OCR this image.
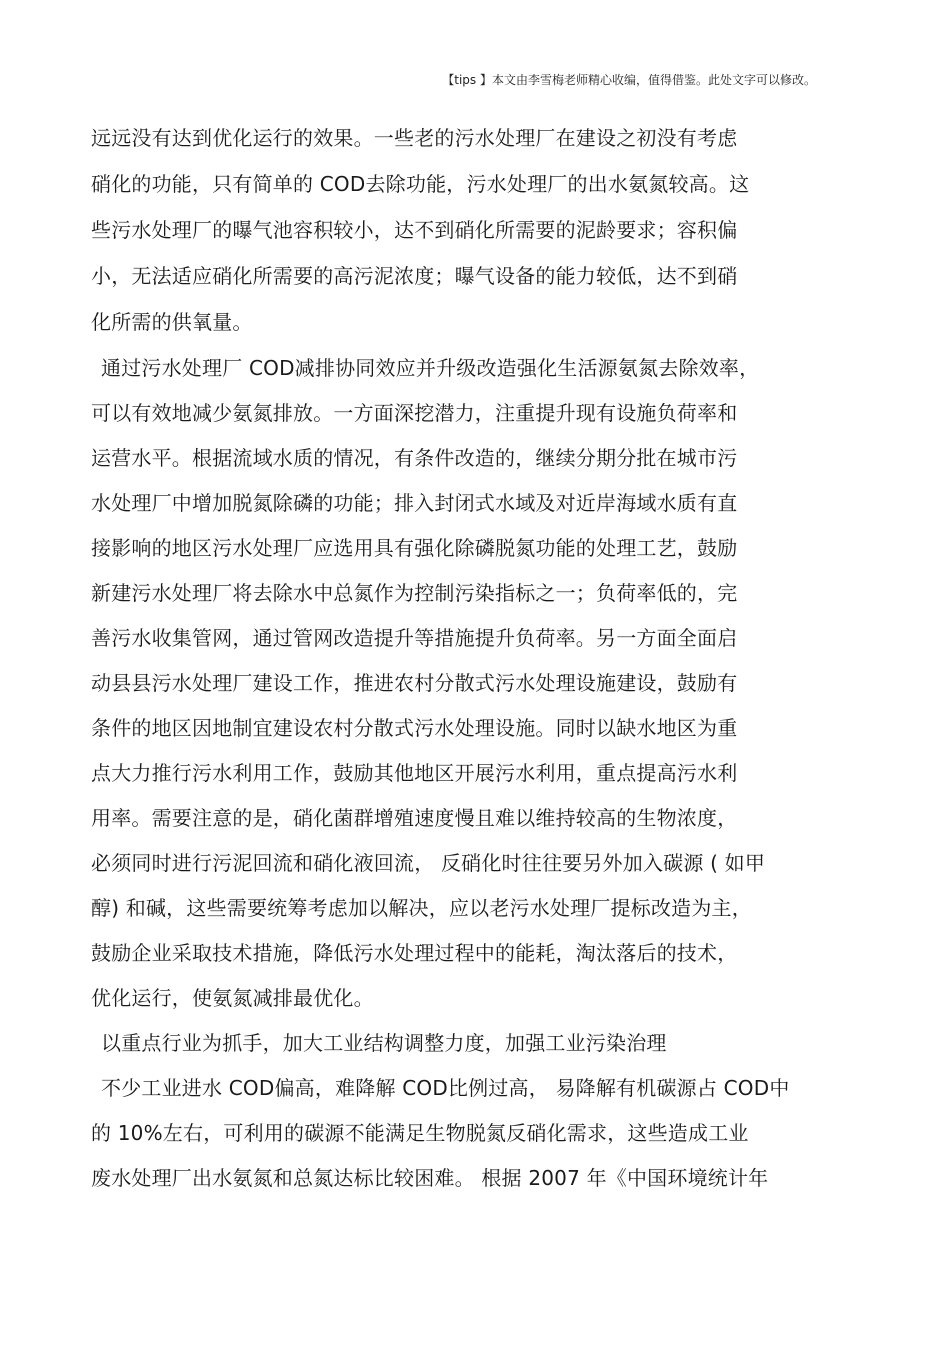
【tips 】本文由李雪梅老师精心收编，值得借鉴。此处文字可以修改。
远远没有达到优化运行的效果。一些老的污水处理厂在建设之初没有考虑
硝化的功能，只有简单的 COD去除功能，污水处理厂的出水氨氮较高。这
些污水处理厂的曝气池容积较小，达不到硝化所需要的泥龄要求；容积偏
小，无法适应硝化所需要的高污泥浓度；曝气设备的能力较低，达不到硝
化所需的供氧量。
通过污水处理厂 COD减排协同效应并升级改造强化生活源氨氮去除效率，
可以有效地减少氨氮排放。一方面深挖潜力，注重提升现有设施负荷率和
运营水平。根据流域水质的情况，有条件改造的，继续分期分批在城市污
水处理厂中增加脱氮除磷的功能；排入封闭式水域及对近岸海域水质有直
接影响的地区污水处理厂应选用具有强化除磷脱氮功能的处理工艺，鼓励
新建污水处理厂将去除水中总氮作为控制污染指标之一；负荷率低的，完
善污水收集管网，通过管网改造提升等措施提升负荷率。另一方面全面启
动县县污水处理厂建设工作，推进农村分散式污水处理设施建设，鼓励有
条件的地区因地制宜建设农村分散式污水处理设施。同时以缺水地区为重
点大力推行污水利用工作，鼓励其他地区开展污水利用，重点提高污水利
用率。需要注意的是，硝化菌群增殖速度慢且难以维持较高的生物浓度，
必须同时进行污泥回流和硝化液回流， 反硝化时往往要另外加入碳源 ( 如甲
醇) 和碱，这些需要统筹考虑加以解决，应以老污水处理厂提标改造为主，
鼓励企业采取技术措施，降低污水处理过程中的能耗，淘汰落后的技术，
优化运行，使氨氮减排最优化。
以重点行业为抓手，加大工业结构调整力度，加强工业污染治理
不少工业进水 COD偏高，难降解 COD比例过高， 易降解有机碳源占 COD中
的 10%左右，可利用的碳源不能满足生物脱氮反硝化需求，这些造成工业
废水处理厂出水氨氮和总氮达标比较困难。 根据 2007 年《中国环境统计年
